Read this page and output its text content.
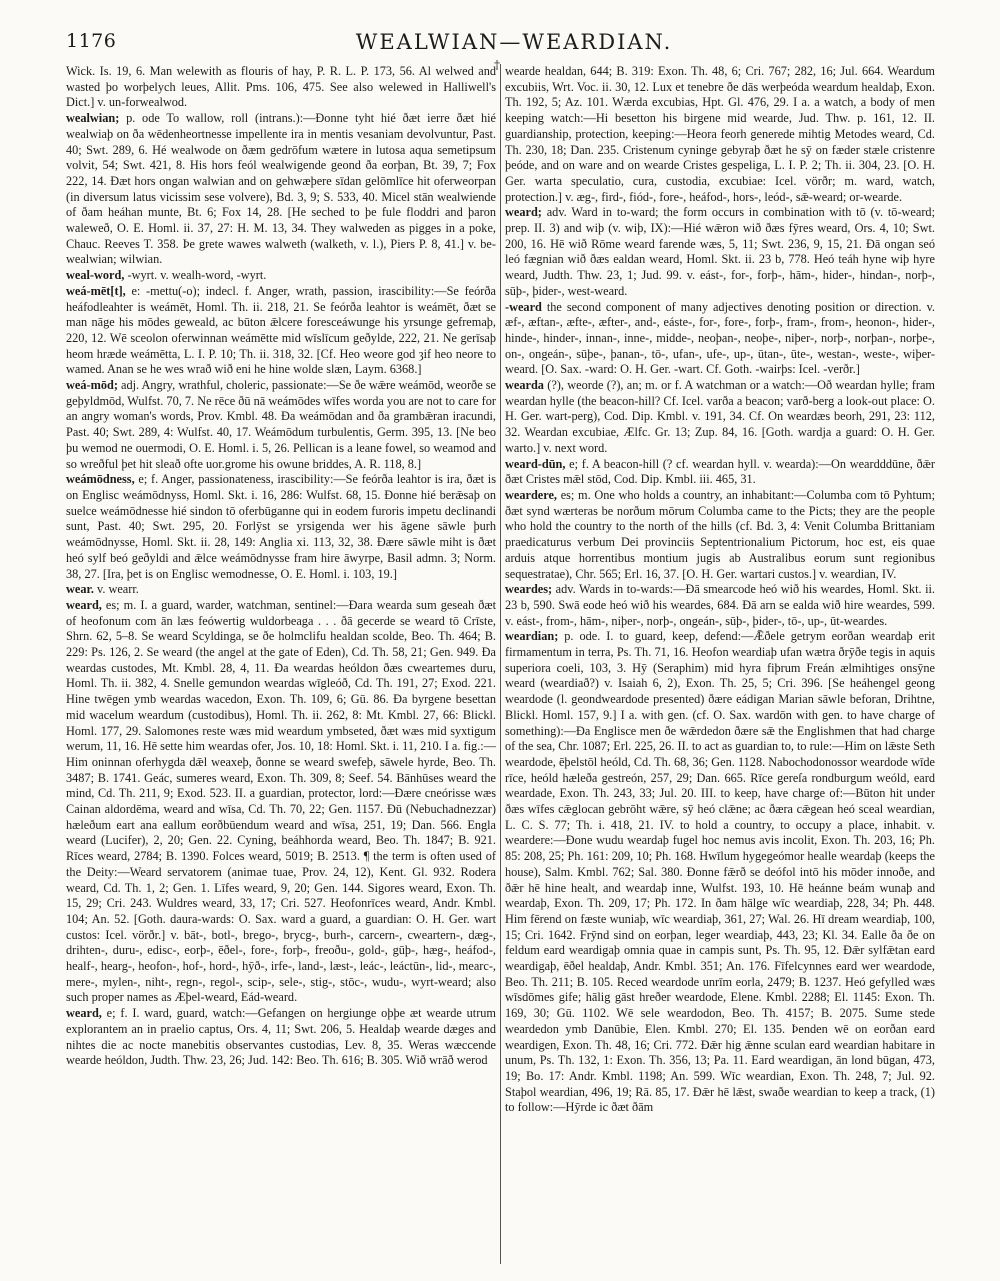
1176	WEALWIAN—WEARDIAN.
†

Wick. Is. 19, 6. Man welewith as flouris of hay, P. R. L. P. 173, 56. Al welwed and wasted þo worþelych leues, Allit. Pms. 106, 475. See also welewed in Halliwell's Dict.] v. un-forwealwod.

wealwian; p. ode To wallow, roll (intrans.):—Ðonne tyht hié ðæt ierre ðæt hié wealwiaþ on ða wēdenheortnesse impellente ira in mentis vesaniam devolvuntur, Past. 40; Swt. 289, 6. Hé wealwode on ðæm gedrōfum wætere in lutosa aqua semetipsum volvit, 54; Swt. 421, 8. His hors feól wealwigende geond ða eorþan, Bt. 39, 7; Fox 222, 14. Ðæt hors ongan walwian and on gehwæþere sīdan gelōmlīce hit oferweorpan (in diversum latus vicissim sese volvere), Bd. 3, 9; S. 533, 40. Micel stān wealwiende of ðam heáhan munte, Bt. 6; Fox 14, 28. [He seched to þe fule floddri and þaron waleweð, O. E. Homl. ii. 37, 27: H. M. 13, 34. They walweden as pigges in a poke, Chauc. Reeves T. 358. Þe grete wawes walweth (walketh, v. l.), Piers P. 8, 41.] v. be-wealwian; wilwian.

weal-word, -wyrt. v. wealh-word, -wyrt.

weá-mēt[t], e: -mettu(-o); indecl. f. Anger, wrath, passion, irascibility:—Se feórða heáfodleahter is weámēt, Homl. Th. ii. 218, 21. Se feórða leahtor is weámēt, ðæt se man nāge his mōdes geweald, ac būton ǣlcere foresceáwunge his yrsunge gefremaþ, 220, 12. Wē sceolon oferwinnan weámētte mid wīslīcum geðylde, 222, 21. Ne gerīsaþ heom hræde weámētta, L. I. P. 10; Th. ii. 318, 32. [Cf. Heo weore god ȝif heo neore to wamed. Anan se he wes wrað wið eni he hine wolde slæn, Laym. 6368.]

weá-mōd; adj. Angry, wrathful, choleric, passionate:—Se ðe wǣre weámōd, weorðe se geþyldmōd, Wulfst. 70, 7. Ne rēce ðū nā weámōdes wīfes worda you are not to care for an angry woman's words, Prov. Kmbl. 48. Ða weámōdan and ða grambǣran iracundi, Past. 40; Swt. 289, 4: Wulfst. 40, 17. Weámōdum turbulentis, Germ. 395, 13. [Ne beo þu wemod ne ouermodi, O. E. Homl. i. 5, 26. Pellican is a leane fowel, so weamod and so wreðful þet hit sleað ofte uor.grome his owune briddes, A. R. 118, 8.]

weámōdness, e; f. Anger, passionateness, irascibility:—Se feórða leahtor is ira, ðæt is on Englisc weámōdnyss, Homl. Skt. i. 16, 286: Wulfst. 68, 15. Ðonne hié berǣsaþ on suelce weámōdnesse hié sindon tō oferbūganne qui in eodem furoris impetu declinandi sunt, Past. 40; Swt. 295, 20. Forlȳst se yrsigenda wer his āgene sāwle þurh weámōdnysse, Homl. Skt. ii. 28, 149: Anglia xi. 113, 32, 38. Ðære sāwle miht is ðæt heó sylf beó geðyldi and ǣlce weámōdnysse fram hire āwyrpe, Basil admn. 3; Norm. 38, 27. [Ira, þet is on Englisc wemodnesse, O. E. Homl. i. 103, 19.]

wear. v. wearr.

weard, es; m. I. a guard, warder, watchman, sentinel:—Ðara wearda sum geseah ðæt of heofonum com ān læs feówertig wuldorbeaga . . . ðā gecerde se weard tō Crīste, Shrn. 62, 5–8. Se weard Scyldinga, se ðe holmclifu healdan scolde, Beo. Th. 464; B. 229: Ps. 126, 2. Se weard (the angel at the gate of Eden), Cd. Th. 58, 21; Gen. 949. Ða weardas custodes, Mt. Kmbl. 28, 4, 11. Ða weardas heóldon ðæs cweartemes duru, Homl. Th. ii. 382, 4. Snelle gemundon weardas wīgleóð, Cd. Th. 191, 27; Exod. 221. Hine twēgen ymb weardas wacedon, Exon. Th. 109, 6; Gū. 86. Ða byrgene besettan mid wacelum weardum (custodibus), Homl. Th. ii. 262, 8: Mt. Kmbl. 27, 66: Blickl. Homl. 177, 29. Salomones reste wæs mid weardum ymbseted, ðæt wæs mid syxtigum werum, 11, 16. Hē sette him weardas ofer, Jos. 10, 18: Homl. Skt. i. 11, 210. I a. fig.:—Him oninnan oferhygda dǣl weaxeþ, ðonne se weard swefeþ, sāwele hyrde, Beo. Th. 3487; B. 1741. Geác, sumeres weard, Exon. Th. 309, 8; Seef. 54. Bānhūses weard the mind, Cd. Th. 211, 9; Exod. 523. II. a guardian, protector, lord:—Ðære cneórisse wæs Cainan aldordēma, weard and wīsa, Cd. Th. 70, 22; Gen. 1157. Ðū (Nebuchadnezzar) hæleðum eart ana eallum eorðbūendum weard and wīsa, 251, 19; Dan. 566. Engla weard (Lucifer), 2, 20; Gen. 22. Cyning, beáhhorda weard, Beo. Th. 1847; B. 921. Rīces weard, 2784; B. 1390. Folces weard, 5019; B. 2513. ¶ the term is often used of the Deity:—Weard servatorem (animae tuae, Prov. 24, 12), Kent. Gl. 932. Rodera weard, Cd. Th. 1, 2; Gen. 1. Līfes weard, 9, 20; Gen. 144. Sigores weard, Exon. Th. 15, 29; Cri. 243. Wuldres weard, 33, 17; Cri. 527. Heofonrīces weard, Andr. Kmbl. 104; An. 52. [Goth. daura-wards: O. Sax. ward a guard, a guardian: O. H. Ger. wart custos: Icel. vörðr.] v. bāt-, botl-, brego-, brycg-, burh-, carcern-, cweartern-, dæg-, drihten-, duru-, edisc-, eorþ-, ēðel-, fore-, forþ-, freoðu-, gold-, gūþ-, hæg-, heáfod-, healf-, hearg-, heofon-, hof-, hord-, hȳð-, irfe-, land-, læst-, leác-, leáctūn-, lid-, mearc-, mere-, mylen-, niht-, regn-, regol-, scip-, sele-, stig-, stōc-, wudu-, wyrt-weard; also such proper names as Æþel-weard, Eád-weard.

weard, e; f. I. ward, guard, watch:—Gefangen on hergiunge oþþe æt wearde utrum explorantem an in praelio captus, Ors. 4, 11; Swt. 206, 5. Healdaþ wearde dæges and nihtes die ac nocte manebitis observantes custodias, Lev. 8, 35. Weras wæccende wearde heóldon, Judth. Thw. 23, 26; Jud. 142: Beo. Th. 616; B. 305. Wið wrāð werod

wearde healdan, 644; B. 319: Exon. Th. 48, 6; Cri. 767; 282, 16; Jul. 664. Weardum excubiis, Wrt. Voc. ii. 30, 12. Lux et tenebre ðe dās werþeóda weardum healdaþ, Exon. Th. 192, 5; Az. 101. Wærda excubias, Hpt. Gl. 476, 29. I a. a watch, a body of men keeping watch:—Hi besetton his birgene mid wearde, Jud. Thw. p. 161, 12. II. guardianship, protection, keeping:—Heora feorh generede mihtig Metodes weard, Cd. Th. 230, 18; Dan. 235. Cristenum cyninge gebyraþ ðæt he sȳ on fæder stæle cristenre þeóde, and on ware and on wearde Cristes gespeliga, L. I. P. 2; Th. ii. 304, 23. [O. H. Ger. warta speculatio, cura, custodia, excubiae: Icel. vörðr; m. ward, watch, protection.] v. æg-, fird-, fiód-, fore-, heáfod-, hors-, leód-, sǣ-weard; or-wearde.

weard; adv. Ward in to-ward; the form occurs in combination with tō (v. tō-weard; prep. II. 3) and wiþ (v. wiþ, IX):—Hié wǣron wið ðæs fȳres weard, Ors. 4, 10; Swt. 200, 16. Hē wið Rōme weard farende wæs, 5, 11; Swt. 236, 9, 15, 21. Ðā ongan seó leó fægnian wið ðæs ealdan weard, Homl. Skt. ii. 23 b, 778. Heó teáh hyne wiþ hyre weard, Judth. Thw. 23, 1; Jud. 99. v. eást-, for-, forþ-, hām-, hider-, hindan-, norþ-, sūþ-, þider-, west-weard.

-weard the second component of many adjectives denoting position or direction. v. æf-, æftan-, æfte-, æfter-, and-, eáste-, for-, fore-, forþ-, fram-, from-, heonon-, hider-, hinde-, hinder-, innan-, inne-, midde-, neoþan-, neoþe-, niþer-, norþ-, norþan-, norþe-, on-, ongeán-, sūþe-, þanan-, tō-, ufan-, ufe-, up-, ūtan-, ūte-, westan-, weste-, wiþer-weard. [O. Sax. -ward: O. H. Ger. -wart. Cf. Goth. -wairþs: Icel. -verðr.]

wearda (?), weorde (?), an; m. or f. A watchman or a watch:—Oð weardan hylle; fram weardan hylle (the beacon-hill? Cf. Icel. varða a beacon; varð-berg a look-out place: O. H. Ger. wart-perg), Cod. Dip. Kmbl. v. 191, 34. Cf. On weardæs beorh, 291, 23: 112, 32. Weardan excubiae, Ælfc. Gr. 13; Zup. 84, 16. [Goth. wardja a guard: O. H. Ger. warto.] v. next word.

weard-dūn, e; f. A beacon-hill (? cf. weardan hyll. v. wearda):—On weardddūne, ðǣr ðæt Cristes mǣl stōd, Cod. Dip. Kmbl. iii. 465, 31.

weardere, es; m. One who holds a country, an inhabitant:—Columba com tō Pyhtum; ðæt synd wærteras be norðum mōrum Columba came to the Picts; they are the people who hold the country to the north of the hills (cf. Bd. 3, 4: Venit Columba Brittaniam praedicaturus verbum Dei provinciis Septentrionalium Pictorum, hoc est, eis quae arduis atque horrentibus montium jugis ab Australibus eorum sunt regionibus sequestratae), Chr. 565; Erl. 16, 37. [O. H. Ger. wartari custos.] v. weardian, IV.

weardes; adv. Wards in to-wards:—Ðā smearcode heó wið his weardes, Homl. Skt. ii. 23 b, 590. Swā eode heó wið his weardes, 684. Ðā arn se ealda wið hire weardes, 599. v. eást-, from-, hām-, niþer-, norþ-, ongeán-, sūþ-, þider-, tō-, up-, ūt-weardes.

weardian; p. ode. I. to guard, keep, defend:—Ǣðele getrym eorðan weardaþ erit firmamentum in terra, Ps. Th. 71, 16. Heofon weardiaþ ufan wætra ðrȳðe tegis in aquis superiora coeli, 103, 3. Hȳ (Seraphim) mid hyra fiþrum Freán ælmihtiges onsȳne weard (weardiað?) v. Isaiah 6, 2), Exon. Th. 25, 5; Cri. 396. [Se heáhengel geong weardode (l. geondweardode presented) ðære eádigan Marian sāwle beforan, Drihtne, Blickl. Homl. 157, 9.] I a. with gen. (cf. O. Sax. wardōn with gen. to have charge of something):—Ða Englisce men ðe wǣrdedon ðære sǣ the Englishmen that had charge of the sea, Chr. 1087; Erl. 225, 26. II. to act as guardian to, to rule:—Him on lǣste Seth weardode, ēþelstōl heóld, Cd. Th. 68, 36; Gen. 1128. Nabochodonossor weardode wīde rīce, heóld hæleða gestreón, 257, 29; Dan. 665. Rīce gereſa rondburgum weóld, eard weardade, Exon. Th. 243, 33; Jul. 20. III. to keep, have charge of:—Būton hit under ðæs wīfes cǣglocan gebrōht wǣre, sȳ heó clǣne; ac ðæra cǣgean heó sceal weardian, L. C. S. 77; Th. i. 418, 21. IV. to hold a country, to occupy a place, inhabit. v. weardere:—Ðone wudu weardaþ fugel hoc nemus avis incolit, Exon. Th. 203, 16; Ph. 85: 208, 25; Ph. 161: 209, 10; Ph. 168. Hwīlum hygegeómor healle weardaþ (keeps the house), Salm. Kmbl. 762; Sal. 380. Ðonne fǣrð se deófol intō his mōder innoðe, and ðǣr hē hine healt, and weardaþ inne, Wulfst. 193, 10. Hē heánne beám wunaþ and weardaþ, Exon. Th. 209, 17; Ph. 172. In ðam hālge wīc weardiaþ, 228, 34; Ph. 448. Him fērend on fæste wuniaþ, wīc weardiaþ, 361, 27; Wal. 26. Hī dream weardiaþ, 100, 15; Cri. 1642. Frȳnd sind on eorþan, leger weardiaþ, 443, 23; Kl. 34. Ealle ða ðe on feldum eard weardigaþ omnia quae in campis sunt, Ps. Th. 95, 12. Ðǣr sylfǣtan eard weardigaþ, ēðel healdaþ, Andr. Kmbl. 351; An. 176. Fīfelcynnes eard wer weardode, Beo. Th. 211; B. 105. Reced weardode unrīm eorla, 2479; B. 1237. Heó gefylled wæs wīsdōmes gife; hālig gāst hreðer weardode, Elene. Kmbl. 2288; El. 1145: Exon. Th. 169, 30; Gū. 1102. Wē sele weardodon, Beo. Th. 4157; B. 2075. Sume stede weardedon ymb Danūbie, Elen. Kmbl. 270; El. 135. Þenden wē on eorðan eard weardigen, Exon. Th. 48, 16; Cri. 772. Ðǣr hig ǣnne sculan eard weardian habitare in unum, Ps. Th. 132, 1: Exon. Th. 356, 13; Pa. 11. Eard weardigan, ān lond būgan, 473, 19; Bo. 17: Andr. Kmbl. 1198; An. 599. Wīc weardian, Exon. Th. 248, 7; Jul. 92. Staþol weardian, 496, 19; Rā. 85, 17. Ðǣr hē lǣst, swaðe weardian to keep a track, (1) to follow:—Hȳrde ic ðæt ðām
